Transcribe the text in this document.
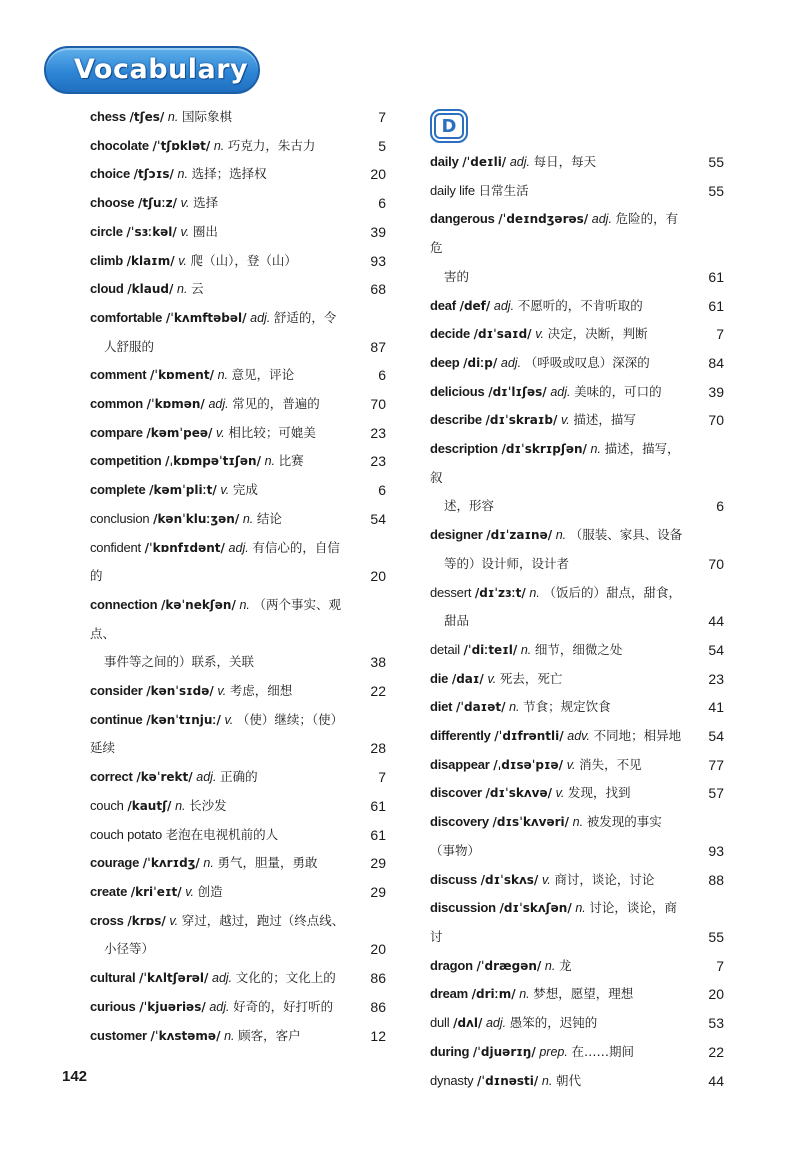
Vocabulary
chess /tʃes/ n. 国际象棋	7
chocolate /ˈtʃɒklət/ n. 巧克力，朱古力	5
choice /tʃɔɪs/ n. 选择；选择权	20
choose /tʃuːz/ v. 选择	6
circle /ˈsɜːkəl/ v. 圈出	39
climb /klaɪm/ v. 爬（山），登（山）	93
cloud /klaud/ n. 云	68
comfortable /ˈkʌmftəbəl/ adj. 舒适的，令
人舒服的	87
comment /ˈkɒment/ n. 意见，评论	6
common /ˈkɒmən/ adj. 常见的，普遍的	70
compare /kəmˈpeə/ v. 相比较；可媲美	23
competition /ˌkɒmpəˈtɪʃən/ n. 比赛	23
complete /kəmˈpliːt/ v. 完成	6
conclusion /kənˈkluːʒən/ n. 结论	54
confident /ˈkɒnfɪdənt/ adj. 有信心的，自信的	20
connection /kəˈnekʃən/ n. （两个事实、观点、
事件等之间的）联系，关联	38
consider /kənˈsɪdə/ v. 考虑，细想	22
continue /kənˈtɪnjuː/ v. （使）继续；（使）延续	28
correct /kəˈrekt/ adj. 正确的	7
couch /kautʃ/ n. 长沙发	61
couch potato 老泡在电视机前的人	61
courage /ˈkʌrɪdʒ/ n. 勇气，胆量，勇敢	29
create /kriˈeɪt/ v. 创造	29
cross /krɒs/ v. 穿过，越过，跑过（终点线、
小径等）	20
cultural /ˈkʌltʃərəl/ adj. 文化的；文化上的	86
curious /ˈkjuəriəs/ adj. 好奇的，好打听的	86
customer /ˈkʌstəmə/ n. 顾客，客户	12
D
daily /ˈdeɪli/ adj. 每日，每天	55
daily life 日常生活	55
dangerous /ˈdeɪndʒərəs/ adj. 危险的，有危
害的	61
deaf /def/ adj. 不愿听的，不肯听取的	61
decide /dɪˈsaɪd/ v. 决定，决断，判断	7
deep /diːp/ adj. （呼吸或叹息）深深的	84
delicious /dɪˈlɪʃəs/ adj. 美味的，可口的	39
describe /dɪˈskraɪb/ v. 描述，描写	70
description /dɪˈskrɪpʃən/ n. 描述，描写，叙
述，形容	6
designer /dɪˈzaɪnə/ n. （服装、家具、设备
等的）设计师，设计者	70
dessert /dɪˈzɜːt/ n. （饭后的）甜点，甜食，
甜品	44
detail /ˈdiːteɪl/ n. 细节，细微之处	54
die /daɪ/ v. 死去，死亡	23
diet /ˈdaɪət/ n. 节食；规定饮食	41
differently /ˈdɪfrəntli/ adv. 不同地；相异地	54
disappear /ˌdɪsəˈpɪə/ v. 消失，不见	77
discover /dɪˈskʌvə/ v. 发现，找到	57
discovery /dɪsˈkʌvəri/ n. 被发现的事实（事物）	93
discuss /dɪˈskʌs/ v. 商讨，谈论，讨论	88
discussion /dɪˈskʌʃən/ n. 讨论，谈论，商讨	55
dragon /ˈdrægən/ n. 龙	7
dream /driːm/ n. 梦想，愿望，理想	20
dull /dʌl/ adj. 愚笨的，迟钝的	53
during /ˈdjuərɪŋ/ prep. 在……期间	22
dynasty /ˈdɪnəsti/ n. 朝代	44
142
